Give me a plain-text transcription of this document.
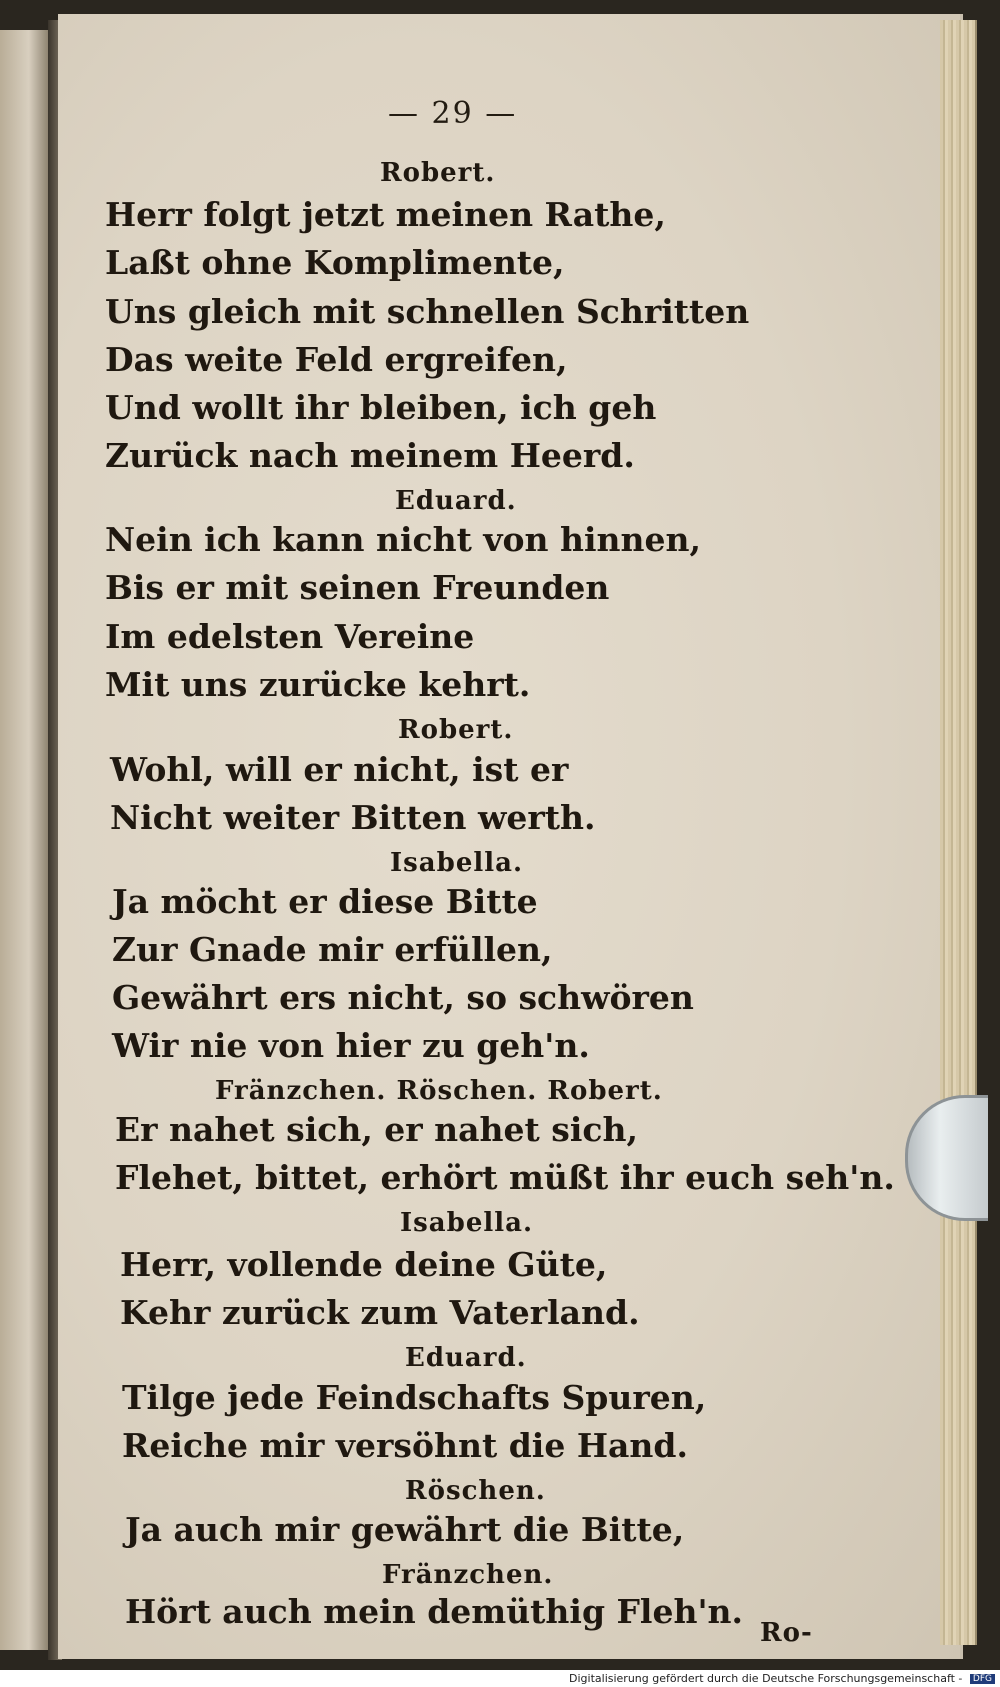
— 29 —
Robert.
Herr folgt jetzt meinen Rathe,
Laßt ohne Komplimente,
Uns gleich mit schnellen Schritten
Das weite Feld ergreifen,
Und wollt ihr bleiben, ich geh
Zurück nach meinem Heerd.
Eduard.
Nein ich kann nicht von hinnen,
Bis er mit seinen Freunden
Im edelsten Vereine
Mit uns zurücke kehrt.
Robert.
Wohl, will er nicht, ist er
Nicht weiter Bitten werth.
Isabella.
Ja möcht er diese Bitte
Zur Gnade mir erfüllen,
Gewährt ers nicht, so schwören
Wir nie von hier zu geh'n.
Fränzchen. Röschen. Robert.
Er nahet sich, er nahet sich,
Flehet, bittet, erhört müßt ihr euch seh'n.
Isabella.
Herr, vollende deine Güte,
Kehr zurück zum Vaterland.
Eduard.
Tilge jede Feindschafts Spuren,
Reiche mir versöhnt die Hand.
Röschen.
Ja auch mir gewährt die Bitte,
Fränzchen.
Hört auch mein demüthig Fleh'n.
Ro-
Digitalisierung gefördert durch die Deutsche Forschungsgemeinschaft - DFG
